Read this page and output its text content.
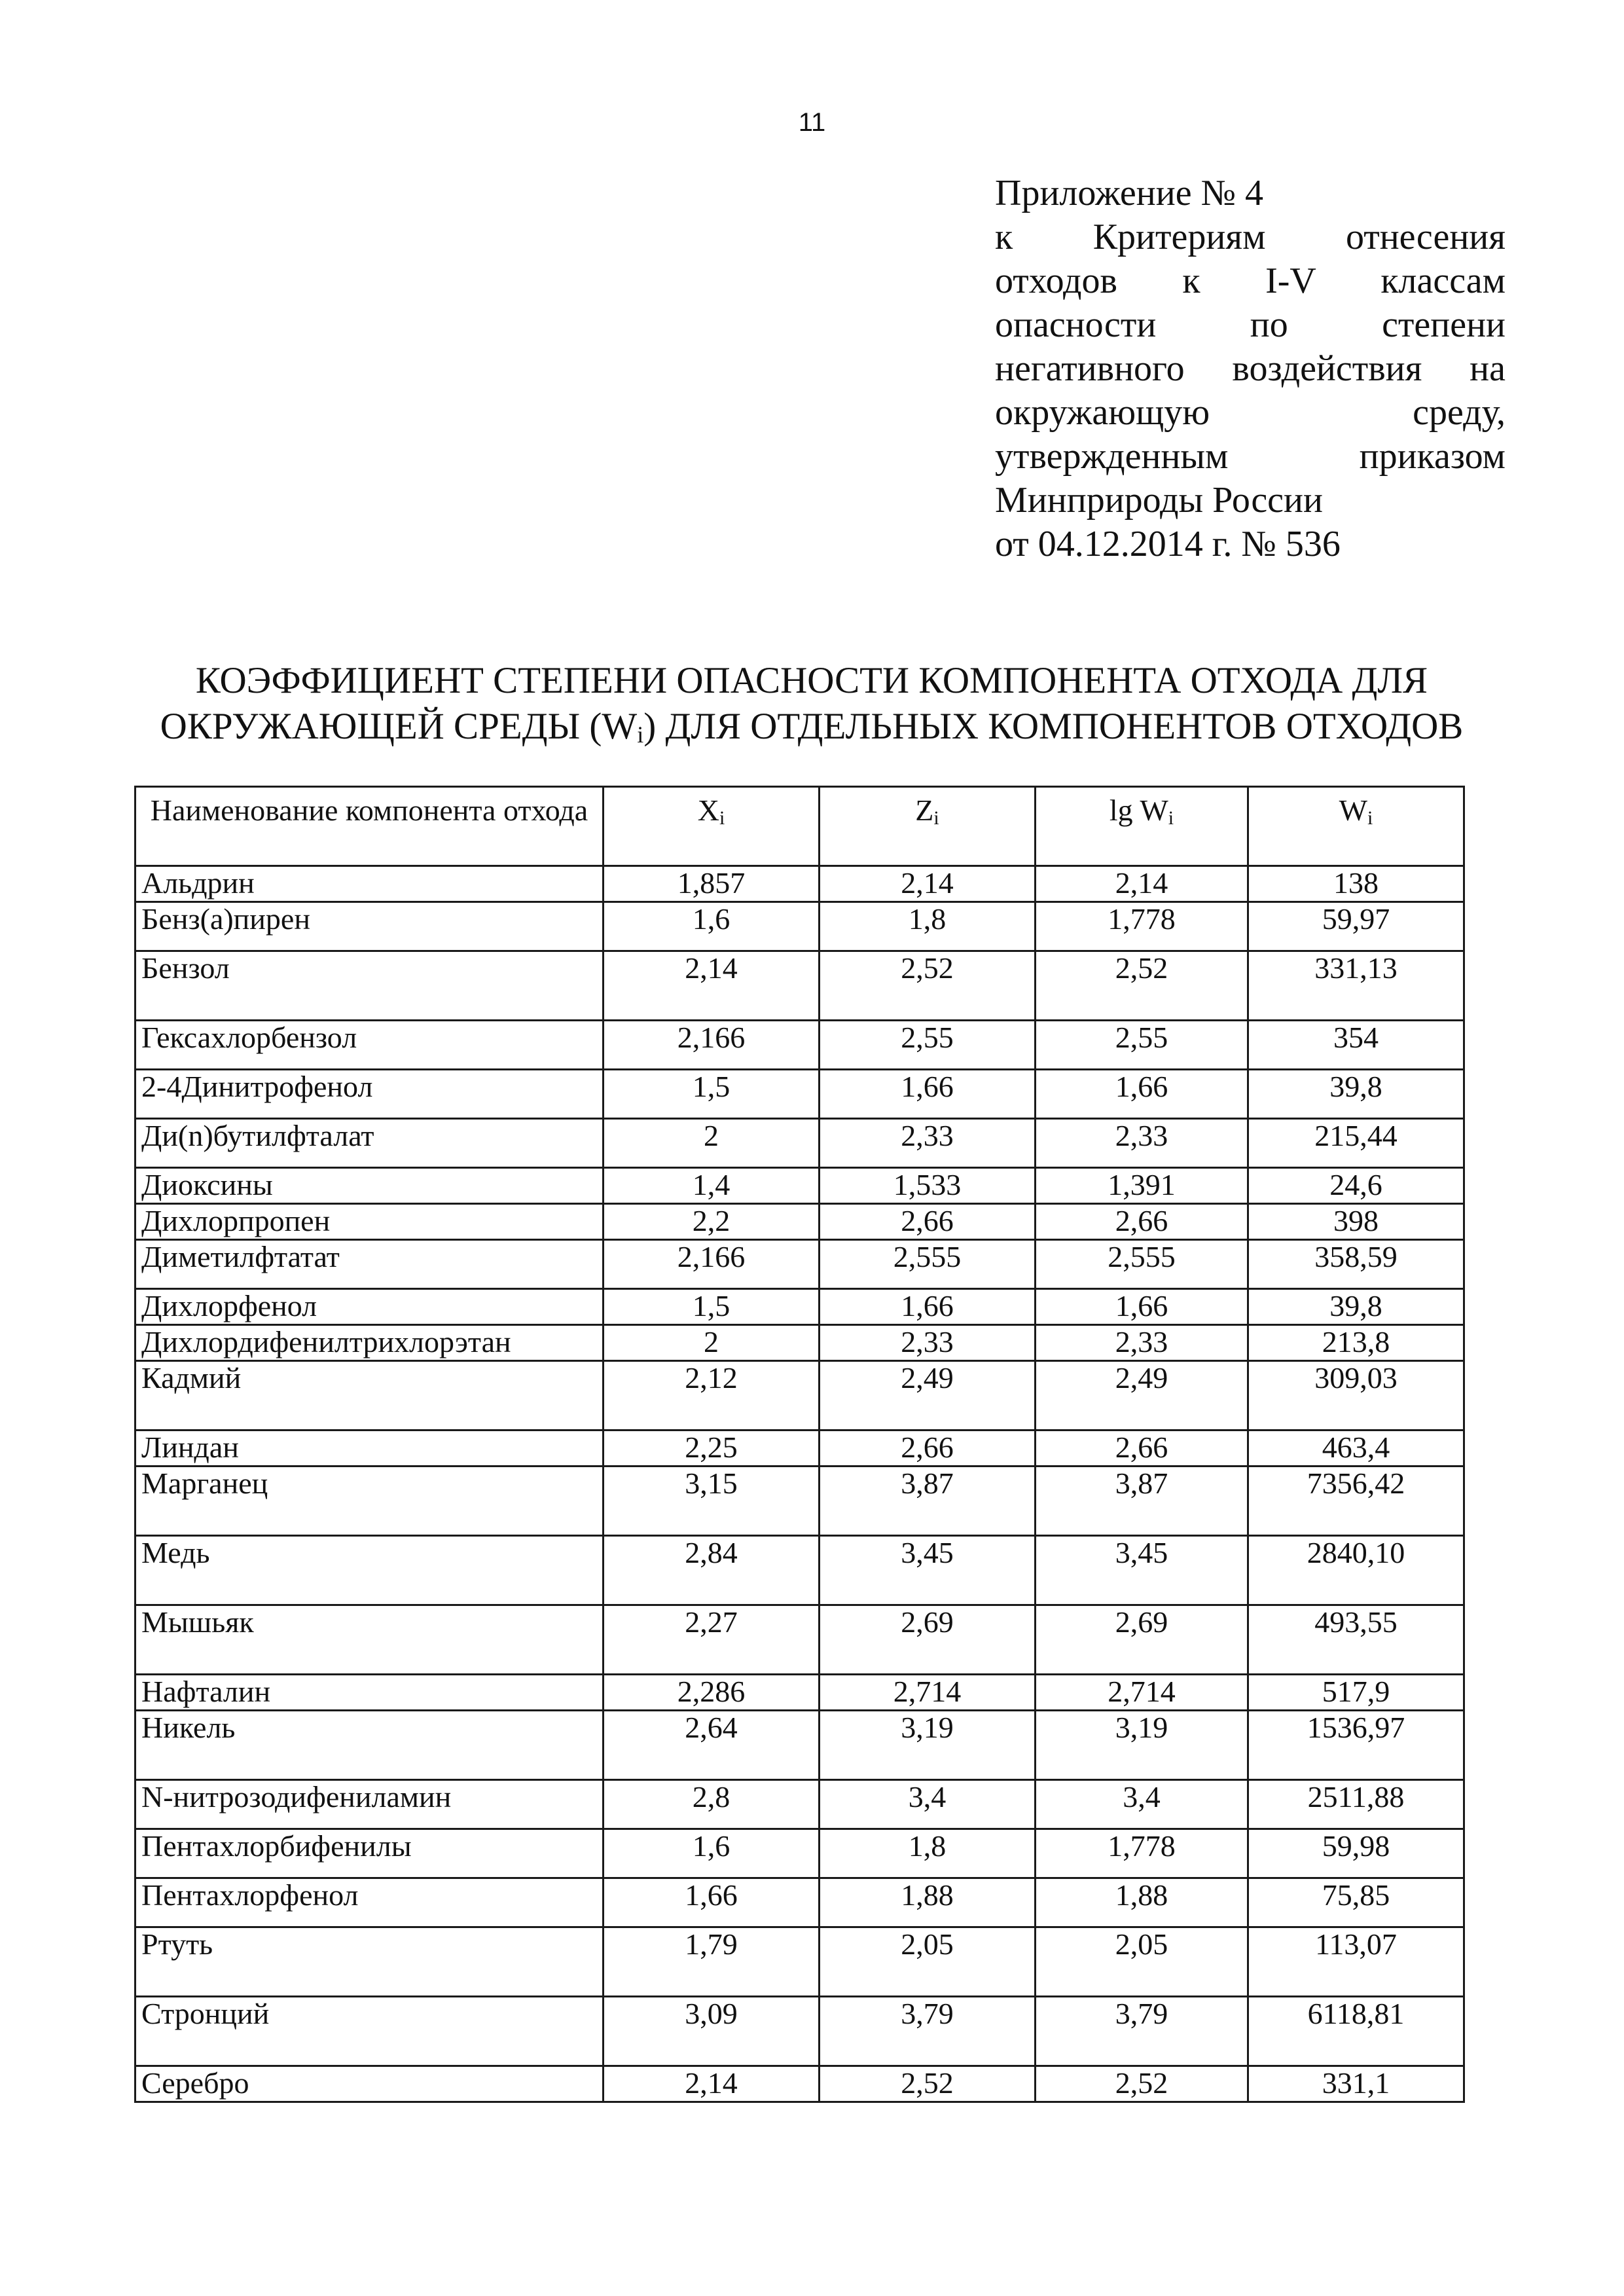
11
Приложение № 4
к Критериям отнесения
отходов к I-V классам
опасности	по	степени
негативного воздействия на
окружающую	среду,
утвержденным	приказом
Минприроды России
от 04.12.2014 г. № 536
КОЭФФИЦИЕНТ СТЕПЕНИ ОПАСНОСТИ КОМПОНЕНТА ОТХОДА ДЛЯ
ОКРУЖАЮЩЕЙ СРЕДЫ $(W_i)$ ДЛЯ ОТДЕЛЬНЫХ КОМПОНЕНТОВ ОТХОДОВ
Наименование компонента отхода	$X_i$	$Z_i$	$\lg W_i$	$W_i$
Альдрин	1,857	2,14	2,14	138
Бенз(а)пирен	1,6	1,8	1,778	59,97
Бензол	2,14	2,52	2,52	331,13
Гексахлорбензол	2,166	2,55	2,55	354
2-4Динитрофенол	1,5	1,66	1,66	39,8
Ди(n)бутилфталат	2	2,33	2,33	215,44
Диоксины	1,4	1,533	1,391	24,6
Дихлорпропен	2,2	2,66	2,66	398
Диметилфтатат	2,166	2,555	2,555	358,59
Дихлорфенол	1,5	1,66	1,66	39,8
Дихлордифенилтрихлорэтан	2	2,33	2,33	213,8
Кадмий	2,12	2,49	2,49	309,03
Линдан	2,25	2,66	2,66	463,4
Марганец	3,15	3,87	3,87	7356,42
Медь	2,84	3,45	3,45	2840,10
Мышьяк	2,27	2,69	2,69	493,55
Нафталин	2,286	2,714	2,714	517,9
Никель	2,64	3,19	3,19	1536,97
N-нитрозодифениламин	2,8	3,4	3,4	2511,88
Пентахлорбифенилы	1,6	1,8	1,778	59,98
Пентахлорфенол	1,66	1,88	1,88	75,85
Ртуть	1,79	2,05	2,05	113,07
Стронций	3,09	3,79	3,79	6118,81
Серебро	2,14	2,52	2,52	331,1
